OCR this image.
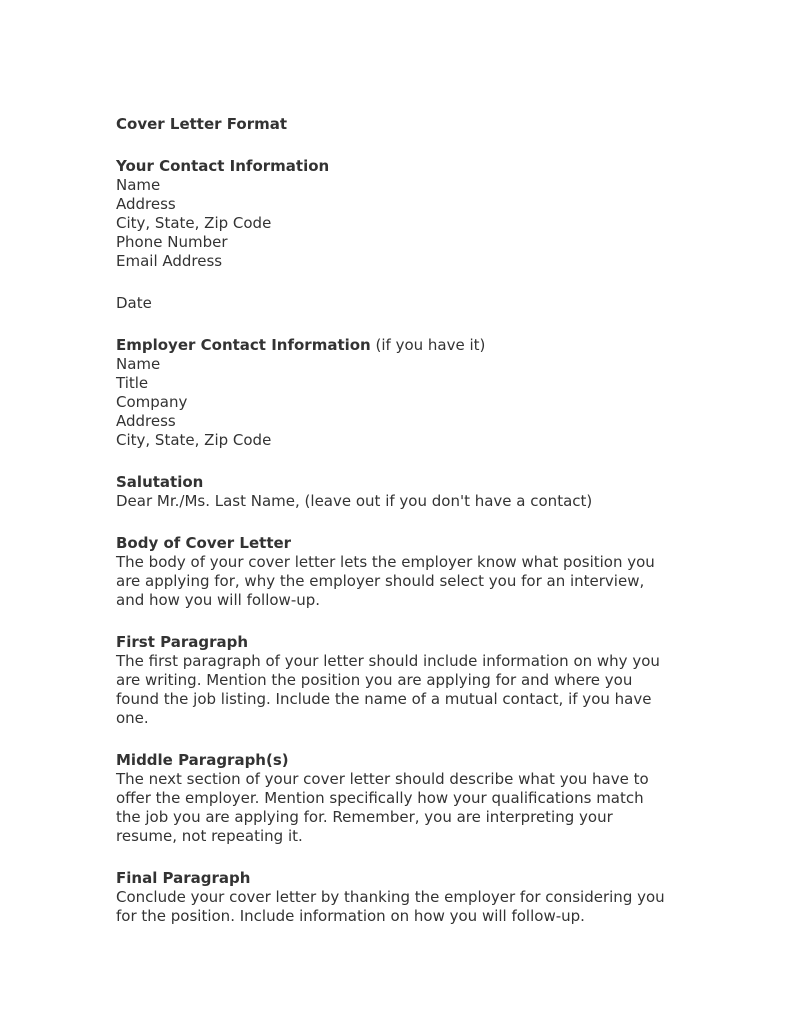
Cover Letter Format
Your Contact Information
Name
Address
City, State, Zip Code
Phone Number
Email Address
Date
Employer Contact Information (if you have it)
Name
Title
Company
Address
City, State, Zip Code
Salutation
Dear Mr./Ms. Last Name, (leave out if you don't have a contact)
Body of Cover Letter
The body of your cover letter lets the employer know what position you
are applying for, why the employer should select you for an interview,
and how you will follow-up.
First Paragraph
The first paragraph of your letter should include information on why you
are writing. Mention the position you are applying for and where you
found the job listing. Include the name of a mutual contact, if you have
one.
Middle Paragraph(s)
The next section of your cover letter should describe what you have to
offer the employer. Mention specifically how your qualifications match
the job you are applying for. Remember, you are interpreting your
resume, not repeating it.
Final Paragraph
Conclude your cover letter by thanking the employer for considering you
for the position. Include information on how you will follow-up.
